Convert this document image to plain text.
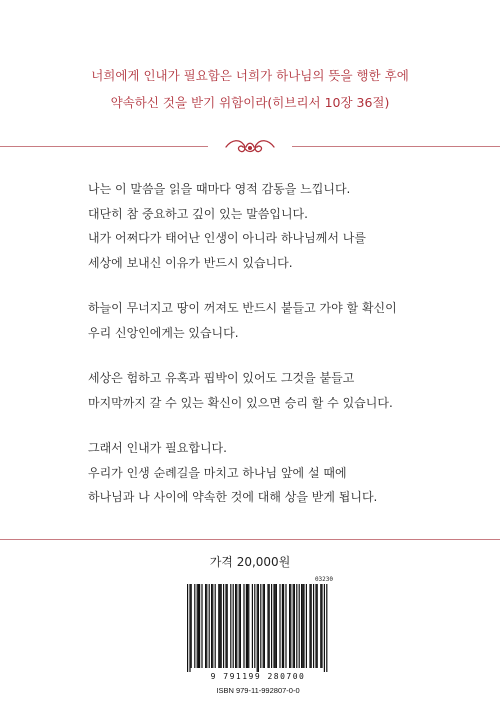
너희에게 인내가 필요함은 너희가 하나님의 뜻을 행한 후에
약속하신 것을 받기 위함이라(히브리서 10장 36절)
나는 이 말씀을 읽을 때마다 영적 감동을 느낍니다.
대단히 참 중요하고 깊이 있는 말씀입니다.
내가 어쩌다가 태어난 인생이 아니라 하나님께서 나를
세상에 보내신 이유가 반드시 있습니다.
하늘이 무너지고 땅이 꺼져도 반드시 붙들고 가야 할 확신이
우리 신앙인에게는 있습니다.
세상은 험하고 유혹과 핍박이 있어도 그것을 붙들고
마지막까지 갈 수 있는 확신이 있으면 승리 할 수 있습니다.
그래서 인내가 필요합니다.
우리가 인생 순례길을 마치고 하나님 앞에 설 때에
하나님과 나 사이에 약속한 것에 대해 상을 받게 됩니다.
가격 20,000원
03230
9 791199 280700
ISBN 979-11-992807-0-0
